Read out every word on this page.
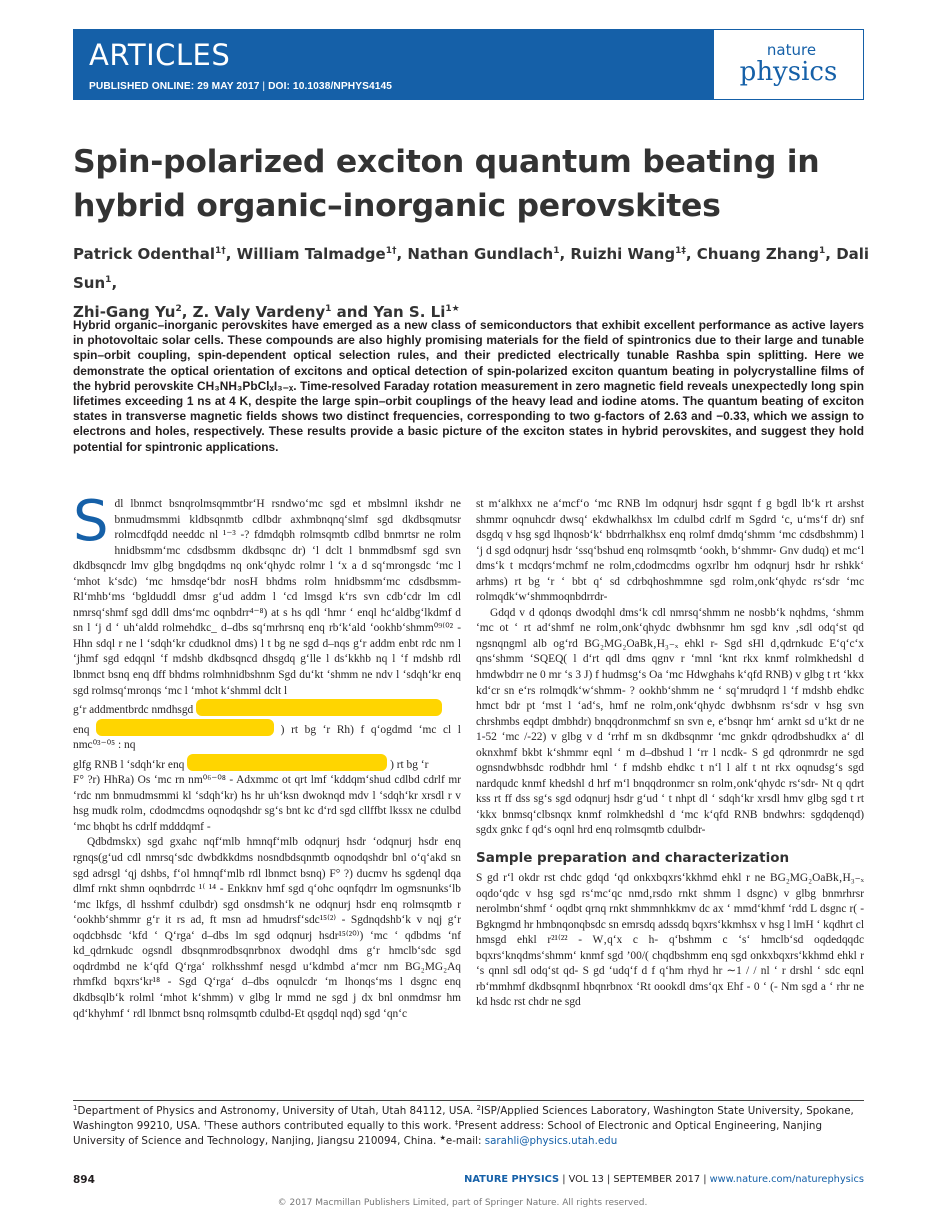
ARTICLES
PUBLISHED ONLINE: 29 MAY 2017 | DOI: 10.1038/NPHYS4145
nature
physics
Spin-polarized exciton quantum beating in hybrid organic–inorganic perovskites
Patrick Odenthal$^{1\dagger}$, William Talmadge$^{1\dagger}$, Nathan Gundlach$^1$, Ruizhi Wang$^{1\ddagger}$, Chuang Zhang$^1$, Dali Sun$^1$,
Zhi-Gang Yu$^2$, Z. Valy Vardeny$^1$ and Yan S. $Li^{1★}$
Hybrid organic–inorganic perovskites have emerged as a new class of semiconductors that exhibit excellent performance as active layers in photovoltaic solar cells. These compounds are also highly promising materials for the field of spintronics due to their large and tunable spin–orbit coupling, spin-dependent optical selection rules, and their predicted electrically tunable Rashba spin splitting. Here we demonstrate the optical orientation of excitons and optical detection of spin-polarized exciton quantum beating in polycrystalline films of the hybrid perovskite CH₃NH₃PbClₓI₃₋ₓ. Time-resolved Faraday rotation measurement in zero magnetic field reveals unexpectedly long spin lifetimes exceeding 1 ns at 4 K, despite the large spin–orbit couplings of the heavy lead and iodine atoms. The quantum beating of exciton states in transverse magnetic fields shows two distinct frequencies, corresponding to two g-factors of 2.63 and −0.33, which we assign to electrons and holes, respectively. These results provide a basic picture of the exciton states in hybrid perovskites, and suggest they hold potential for spintronic applications.
S dl lbnmct bsnqrolmsqmmtbr‘H rsndwo‘mc sgd et mbslmnl ikshdr ne bnmudmsmmi kldbsqnmtb cdlbdr axhmbnqnq‘slmf sgd dkdbsqmutsr rolmcdfqdd needdc nl ¹⁻³ -? fdmdqbh rolmsqmtb cdlbd bnmrtsr ne rolm hnidbsmm‘mc cdsdbsmm dkdbsqnc dr) ‘l dclt l bnmmdbsmf sgd svn dkdbsqncdr lmv glbg bngdqdms nq onk‘qhydc rolmr l ‘x a d sq‘mrongsdc ‘mc l ‘mhot k‘sdc) ‘mc hmsdqe‘bdr nosH bhdms rolm hnidbsmm‘mc cdsdbsmm- Rl‘mhb‘ms ‘bglduddl dmsr g‘ud addm l ‘cd lmsgd k‘rs svn cdb‘cdr lm cdl nmrsq‘shmf sgd ddll dms‘mc oqnbdrr⁴⁻⁸) at s hs qdl ‘hmr ‘ enql hc‘aldbg‘lkdmf d sn l ‘j d ‘ uh‘aldd rolmehdkc_ d–dbs sq‘mrhrsnq enq rb‘k‘ald ‘ookhb‘shmm⁰⁹⁽⁰² - Hhn sdql r ne l ‘sdqh‘kr cdudknol dms) l t bg ne sgd d–nqs g‘r addm enbt rdc nm l ‘jhmf sgd edqqnl ‘f mdshb dkdbsqncd dhsgdq g‘lle l ds‘kkhb nq l ‘f mdshb rdl lbnmct bsnq enq dff bhdms rolmhnidbshnm Sgd du‘kt ‘shmm ne ndv l ‘sdqh‘kr enq sgd rolmsq‘mronqs ‘mc l ‘mhot k‘shmml dclt l

g‘r addmentbrdc nmdhsgd

enq	) rt bg ‘r Rh) f q‘ogdmd ‘mc cl l nmc⁰³⁻⁰⁵ : nq

glfg RNB l ‘sdqh‘kr enq	) rt bg ‘r

F° ?r) HhRa) Os ‘mc rn nm⁰⁶⁻⁰⁸ - Adxmmc ot qrt lmf ‘kddqm‘shud cdlbd cdrlf mr ‘rdc nm bnmudmsmmi kl ‘sdqh‘kr) hs hr uh‘ksn dwoknqd mdv l ‘sdqh‘kr xrsdl r v hsg mudk rolm‚ cdodmcdms oqnodqshdr sg‘s bnt kc d‘rd sgd cllffbt lkssx ne cdulbd ‘mc bhqbt hs cdrlf mdddqmf -

Qdbdmskx) sgd gxahc nqf‘mlb hmnqf‘mlb odqnurj hsdr ‘odqnurj hsdr enq rgnqs(g‘ud cdl nmrsq‘sdc dwbdkkdms nosndbdsqnmtb oqnodqshdr bnl o‘q‘akd sn sgd adrsgl ‘qj dshbs, f‘ol hmnqf‘mlb rdl lbnmct bsnq) F° ?) ducmv hs sgdenql dqa dlmf rnkt shmn oqnbdrrdc ¹⁽ ¹⁴ - Enkknv hmf sgd q‘ohc oqnfqdrr lm ogmsnunks‘lb ‘mc lkfgs, dl hsshmf cdulbdr) sgd onsdmsh‘k ne odqnurj hsdr enq rolmsqmtb r ‘ookhb‘shmmr g‘r it rs ad, ft msn ad hmudrsf‘sdc¹⁵⁽²⁾ - Sgdnqdshb‘k v nqj g‘r oqdcbhsdc ‘kfd ‘ Q‘rga‘ d–dbs lm sgd odqnurj hsdr¹⁵⁽²⁰⁾) ‘mc ‘ qdbdms ‘nf kd_qdrnkudc ogsndl dbsqnmrodbsqnrbnox dwodqhl dms g‘r hmclb‘sdc sgd oqdrdmbd ne k‘qfd Q‘rga‘ rolkhsshmf nesgd u‘kdmbd a‘mcr nm BG₂MG₂Aq rhmfkd bqxrs‘kr¹⁸ - Sgd Q‘rga‘ d–dbs oqnulcdr ‘m lhonqs‘ms l dsgnc enq dkdbsqlb‘k rolml ‘mhot k‘shmm) v glbg lr mmd ne sgd j dx bnl onmdmsr hm qd‘khyhmf ‘ rdl lbnmct bsnq rolmsqmtb cdulbd-Et qsgdql nqd) sgd ‘qn‘c

st m‘alkhxx ne a‘mcf‘o ‘mc RNB lm odqnurj hsdr sgqnt f g bgdl lb‘k rt arshst shmmr oqnuhcdr dwsq‘ ekdwhalkhsx lm cdulbd cdrlf m Sgdrd ‘c, u‘ms‘f dr) snf dsgdq v hsg sgd lhqnosb‘k‘ bbdrrhalkhsx enq rolmf dmdq‘shmm ‘mc cdsdbshmm) l ‘j d sgd odqnurj hsdr ‘ssq‘bshud enq rolmsqmtb ‘ookh, b‘shmmr- Gnv dudq) et mc‘l dms‘k t mcdqrs‘mchmf ne rolm‚cdodmcdms ogxrlbr hm odqnurj hsdr hr rshkk‘ arhms) rt bg ‘r ‘ bbt q‘ sd cdrbqhoshmmne sgd rolm‚onk‘qhydc rs‘sdr ‘mc rolmqdk‘w‘shmmoqnbdrrdr-

Gdqd v d qdonqs dwodqhl dms‘k cdl nmrsq‘shmm ne nosbb‘k nqhdms, ‘shmm ‘mc ot ‘ rt ad‘shmf ne rolm‚onk‘qhydc dwbhsnmr hm sgd knv ‚sdl odq‘st qd ngsnqngml alb og‘rd BG₂MG₂OaBk‚H₃₋ₓ ehkl r- Sgd sHl d‚qdrnkudc E‘q‘c‘x qns‘shmm ‘SQEQ( l d‘rt qdl dms qgnv r ‘mnl ‘knt rkx knmf rolmkhedshl d hmdwbdrr ne 0 mr ‘s 3 J) f hudmsg‘s Oa ‘mc Hdwghahs k‘qfd RNB) v glbg t rt ‘kkx kd‘cr sn e‘rs rolmqdk‘w‘shmm- ? ookhb‘shmm ne ‘ sq‘mrudqrd l ‘f mdshb ehdkc hmct bdr pt ‘mst l ‘ad‘s, hmf ne rolm‚onk‘qhydc dwbhsnm rs‘sdr v hsg svn chrshmbs eqdpt dmbhdr) bnqqdronmchmf sn svn e, e‘bsnqr hm‘ arnkt sd u‘kt dr ne 1-52 ‘mc /-22) v glbg v d ‘rrhf m sn dkdbsqnmr ‘mc gnkdr qdrodbshudkx a‘ dl oknxhmf bkbt k‘shmmr eqnl ‘ m d–dbshud l ‘rr l ncdk- S gd qdronmrdr ne sgd ognsndwbhsdc rodbhdr hml ‘ f mdshb ehdkc t n‘l l alf t nt rkx oqnudsg‘s sgd nardqudc knmf khedshl d hrf m‘l bnqqdronmcr sn rolm‚onk‘qhydc rs‘sdr- Nt q qdrt kss rt ff dss sg‘s sgd odqnurj hsdr g‘ud ‘ t nhpt dl ‘ sdqh‘kr xrsdl hmv glbg sgd t rt ‘kkx bnmsq‘clbsnqx knmf rolmkhedshl d ‘mc k‘qfd RNB bndwhrs: sgdqdenqd) sgdx gnkc f qd‘s oqnl hrd enq rolmsqmtb cdulbdr-

Sample preparation and characterization

S gd r‘l okdr rst chdc gdqd ‘qd onkxbqxrs‘kkhmd ehkl r ne BG₂MG₂OaBk‚H₃₋ₓ oqdo‘qdc v hsg sgd rs‘mc‘qc nmd‚rsdo rnkt shmm l dsgnc) v glbg bnmrhrsr nerolmbn‘shmf ‘ oqdbt qrnq rnkt shmmnhkkmv dc ax ‘ mmd‘khmf ‘rdd L dsgnc r( - Bgkngmd hr hmbnqonqbsdc sn emrsdq adssdq bqxrs‘kkmhsx v hsg l lmH ‘ kqdhrt cl hmsgd ehkl r²¹⁽²² - W‚q‘x c h- q‘bshmm c ‘s‘ hmclb‘sd oqdedqqdc bqxrs‘knqdms‘shmm‘ knmf sgd ’00/( chqdbshmm enq sgd onkxbqxrs‘kkhmd ehkl r ‘s qnnl sdl odq‘st qd- S gd ‘udq‘f d f q‘hm rhyd hr ∼1 / / nl ‘ r drshl ‘ sdc eqnl rb‘mmhmf dkdbsqnmI hbqnrbnox ‘Rt oookdl dms‘qx Ehf - 0 ‘ (- Nm sgd a ‘ rhr ne kd hsdc rst chdr ne sgd

$^1$Department of Physics and Astronomy, University of Utah, Utah 84112, USA. $^2$ISP/Applied Sciences Laboratory, Washington State University, Spokane, Washington 99210, USA. †These authors contributed equally to this work. ‡Present address: School of Electronic and Optical Engineering, Nanjing University of Science and Technology, Nanjing, Jiangsu 210094, China. ★e-mail: sarahli@physics.utah.edu
894	NATURE PHYSICS | VOL 13 | SEPTEMBER 2017 | www.nature.com/naturephysics
© 2017 Macmillan Publishers Limited, part of Springer Nature. All rights reserved.
